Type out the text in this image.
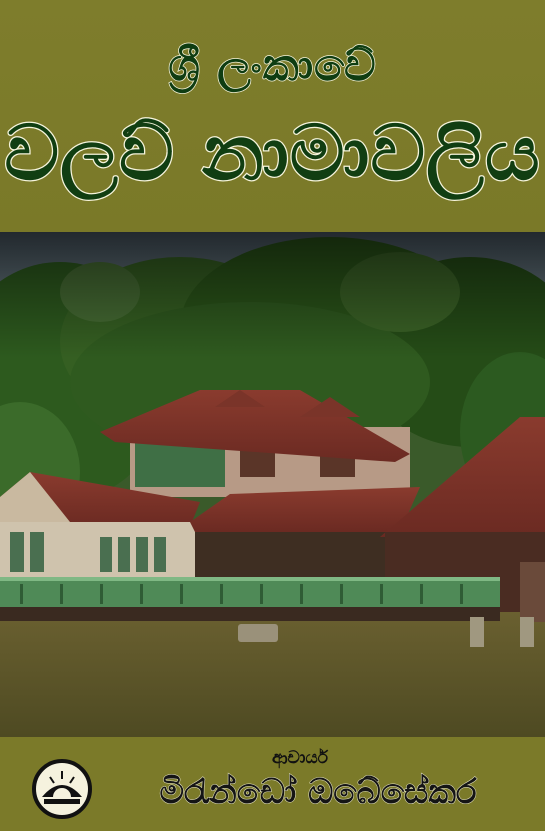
ශ්‍රී ලංකාවේ
වලව් නාමාවලිය
ආචාර්ය
මිරැන්ඩෝ ඔබේසේකර
